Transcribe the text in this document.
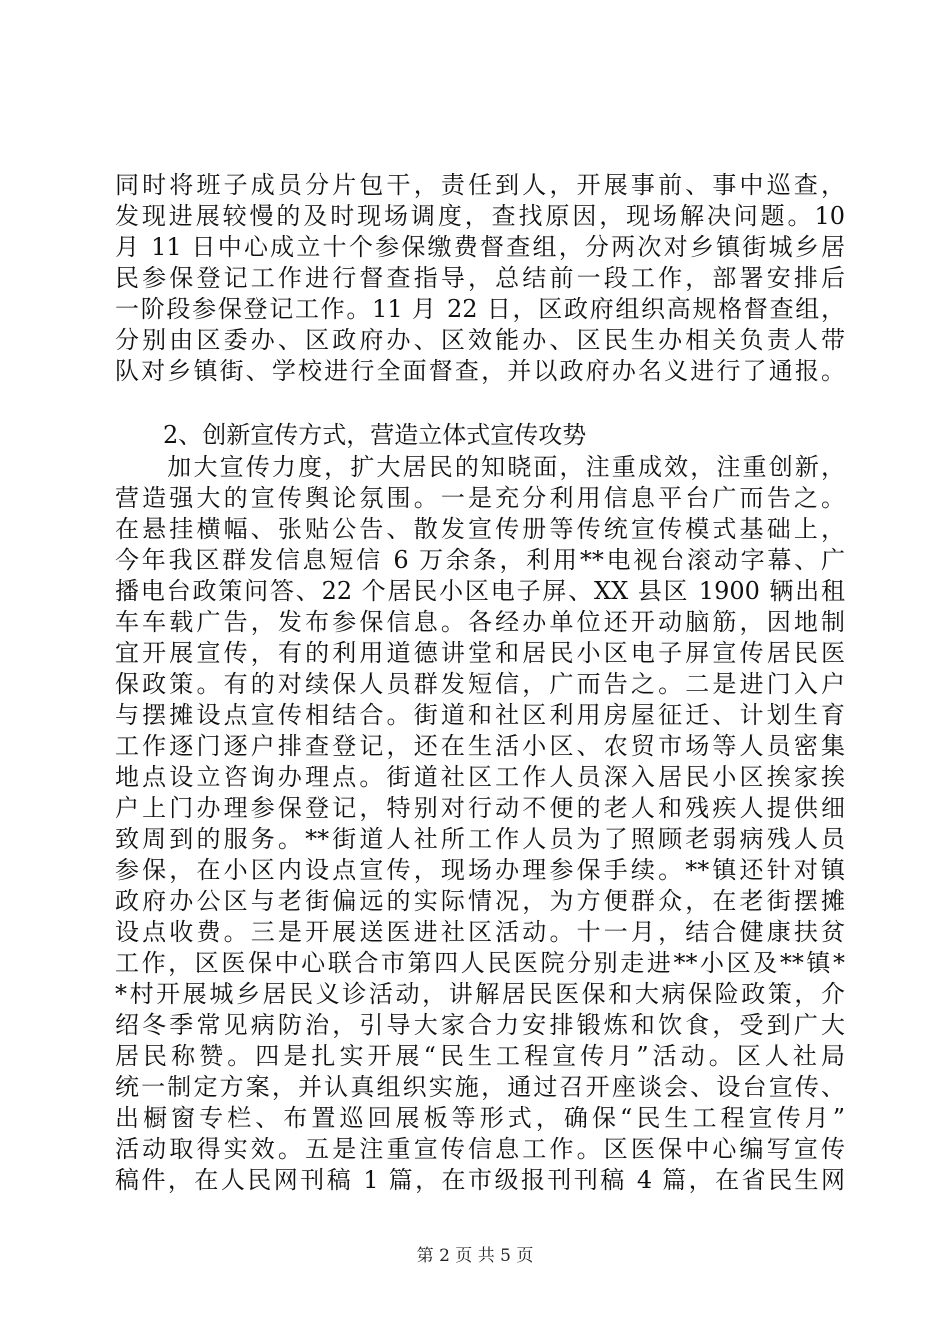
同时将班子成员分片包干，责任到人，开展事前、事中巡查，
发现进展较慢的及时现场调度，查找原因，现场解决问题。10
月 11 日中心成立十个参保缴费督查组，分两次对乡镇街城乡居
民参保登记工作进行督查指导，总结前一段工作，部署安排后
一阶段参保登记工作。11 月 22 日，区政府组织高规格督查组，
分别由区委办、区政府办、区效能办、区民生办相关负责人带
队对乡镇街、学校进行全面督查，并以政府办名义进行了通报。
　　2、创新宣传方式，营造立体式宣传攻势
　　加大宣传力度，扩大居民的知晓面，注重成效，注重创新，
营造强大的宣传舆论氛围。一是充分利用信息平台广而告之。
在悬挂横幅、张贴公告、散发宣传册等传统宣传模式基础上，
今年我区群发信息短信 6 万余条，利用**电视台滚动字幕、广
播电台政策问答、22 个居民小区电子屏、XX 县区 1900 辆出租
车车载广告，发布参保信息。各经办单位还开动脑筋，因地制
宜开展宣传，有的利用道德讲堂和居民小区电子屏宣传居民医
保政策。有的对续保人员群发短信，广而告之。二是进门入户
与摆摊设点宣传相结合。街道和社区利用房屋征迁、计划生育
工作逐门逐户排查登记，还在生活小区、农贸市场等人员密集
地点设立咨询办理点。街道社区工作人员深入居民小区挨家挨
户上门办理参保登记，特别对行动不便的老人和残疾人提供细
致周到的服务。**街道人社所工作人员为了照顾老弱病残人员
参保，在小区内设点宣传，现场办理参保手续。**镇还针对镇
政府办公区与老街偏远的实际情况，为方便群众，在老街摆摊
设点收费。三是开展送医进社区活动。十一月，结合健康扶贫
工作，区医保中心联合市第四人民医院分别走进**小区及**镇*
*村开展城乡居民义诊活动，讲解居民医保和大病保险政策，介
绍冬季常见病防治，引导大家合力安排锻炼和饮食，受到广大
居民称赞。四是扎实开展“民生工程宣传月”活动。区人社局
统一制定方案，并认真组织实施，通过召开座谈会、设台宣传、
出橱窗专栏、布置巡回展板等形式，确保“民生工程宣传月”
活动取得实效。五是注重宣传信息工作。区医保中心编写宣传
稿件，在人民网刊稿 1 篇，在市级报刊刊稿 4 篇，在省民生网
第 2 页 共 5 页
